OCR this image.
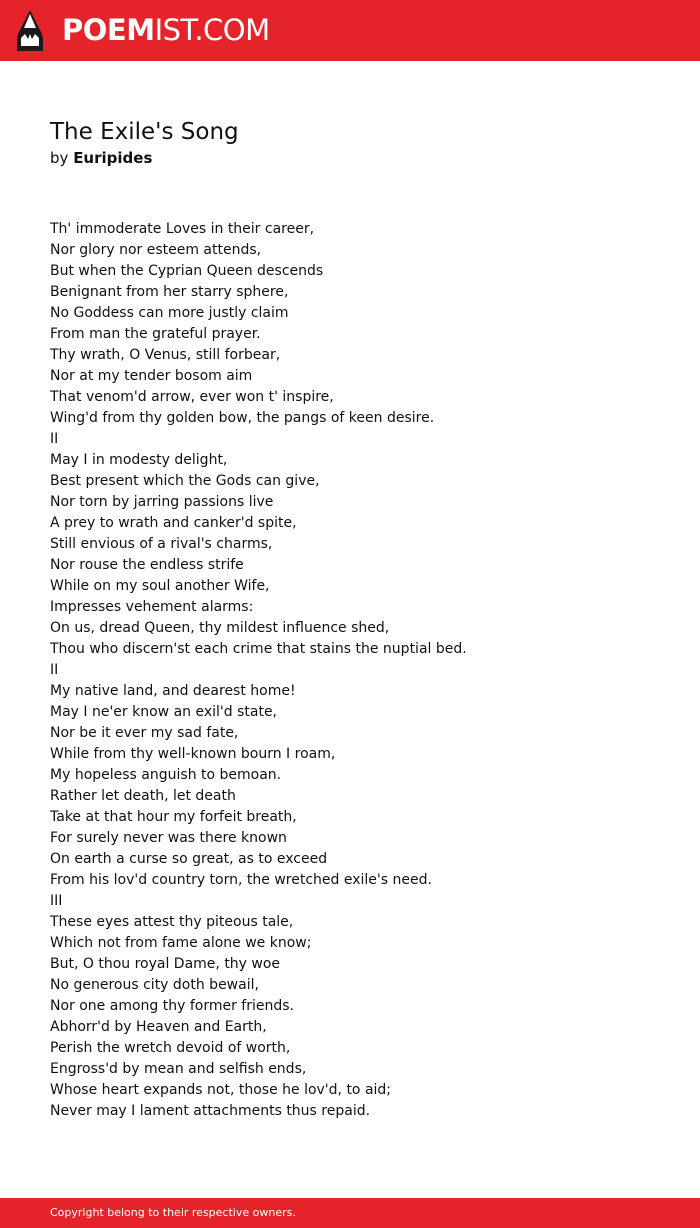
POEMIST.COM
The Exile's Song
by Euripides
Th' immoderate Loves in their career,
Nor glory nor esteem attends,
But when the Cyprian Queen descends
Benignant from her starry sphere,
No Goddess can more justly claim
From man the grateful prayer.
Thy wrath, O Venus, still forbear,
Nor at my tender bosom aim
That venom'd arrow, ever won t' inspire,
Wing'd from thy golden bow, the pangs of keen desire.
II
May I in modesty delight,
Best present which the Gods can give,
Nor torn by jarring passions live
A prey to wrath and canker'd spite,
Still envious of a rival's charms,
Nor rouse the endless strife
While on my soul another Wife,
Impresses vehement alarms:
On us, dread Queen, thy mildest influence shed,
Thou who discern'st each crime that stains the nuptial bed.
II
My native land, and dearest home!
May I ne'er know an exil'd state,
Nor be it ever my sad fate,
While from thy well-known bourn I roam,
My hopeless anguish to bemoan.
Rather let death, let death
Take at that hour my forfeit breath,
For surely never was there known
On earth a curse so great, as to exceed
From his lov'd country torn, the wretched exile's need.
III
These eyes attest thy piteous tale,
Which not from fame alone we know;
But, O thou royal Dame, thy woe
No generous city doth bewail,
Nor one among thy former friends.
Abhorr'd by Heaven and Earth,
Perish the wretch devoid of worth,
Engross'd by mean and selfish ends,
Whose heart expands not, those he lov'd, to aid;
Never may I lament attachments thus repaid.
Copyright belong to their respective owners.
